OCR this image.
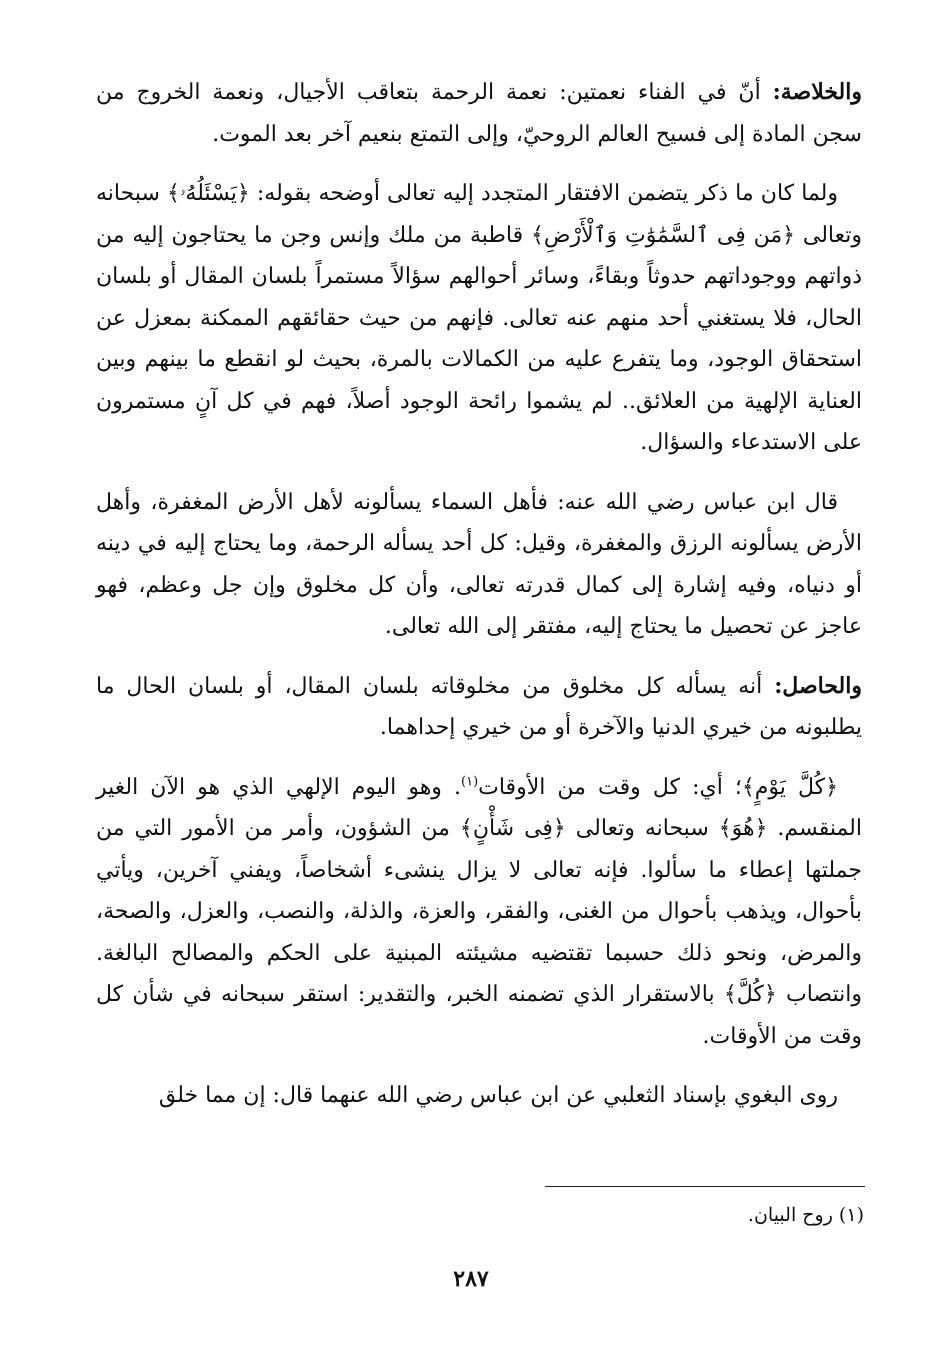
والخلاصة: أنّ في الفناء نعمتين: نعمة الرحمة بتعاقب الأجيال، ونعمة الخروج من سجن المادة إلى فسيح العالم الروحيّ، وإلى التمتع بنعيم آخر بعد الموت.

ولما كان ما ذكر يتضمن الافتقار المتجدد إليه تعالى أوضحه بقوله: ﴿يَسْئَلُهُۥ﴾ سبحانه وتعالى ﴿مَن فِى ٱلسَّمَٰوَٰتِ وَٱلْأَرْضِ﴾ قاطبة من ملك وإنس وجن ما يحتاجون إليه من ذواتهم ووجوداتهم حدوثاً وبقاءً، وسائر أحوالهم سؤالاً مستمراً بلسان المقال أو بلسان الحال، فلا يستغني أحد منهم عنه تعالى. فإنهم من حيث حقائقهم الممكنة بمعزل عن استحقاق الوجود، وما يتفرع عليه من الكمالات بالمرة، بحيث لو انقطع ما بينهم وبين العناية الإلهية من العلائق.. لم يشموا رائحة الوجود أصلاً، فهم في كل آنٍ مستمرون على الاستدعاء والسؤال.

قال ابن عباس رضي الله عنه: فأهل السماء يسألونه لأهل الأرض المغفرة، وأهل الأرض يسألونه الرزق والمغفرة، وقيل: كل أحد يسأله الرحمة، وما يحتاج إليه في دينه أو دنياه، وفيه إشارة إلى كمال قدرته تعالى، وأن كل مخلوق وإن جل وعظم، فهو عاجز عن تحصيل ما يحتاج إليه، مفتقر إلى الله تعالى.

والحاصل: أنه يسأله كل مخلوق من مخلوقاته بلسان المقال، أو بلسان الحال ما يطلبونه من خيري الدنيا والآخرة أو من خيري إحداهما.

﴿كُلَّ يَوْمٍ﴾؛ أي: كل وقت من الأوقات$^{(١)}$. وهو اليوم الإلهي الذي هو الآن الغير المنقسم. ﴿هُوَ﴾ سبحانه وتعالى ﴿فِى شَأْنٍ﴾ من الشؤون، وأمر من الأمور التي من جملتها إعطاء ما سألوا. فإنه تعالى لا يزال ينشىء أشخاصاً، ويفني آخرين، ويأتي بأحوال، ويذهب بأحوال من الغنى، والفقر، والعزة، والذلة، والنصب، والعزل، والصحة، والمرض، ونحو ذلك حسبما تقتضيه مشيئته المبنية على الحكم والمصالح البالغة. وانتصاب ﴿كُلَّ﴾ بالاستقرار الذي تضمنه الخبر، والتقدير: استقر سبحانه في شأن كل وقت من الأوقات.

روى البغوي بإسناد الثعلبي عن ابن عباس رضي الله عنهما قال: إن مما خلق

(١) روح البيان.
٢٨٧
